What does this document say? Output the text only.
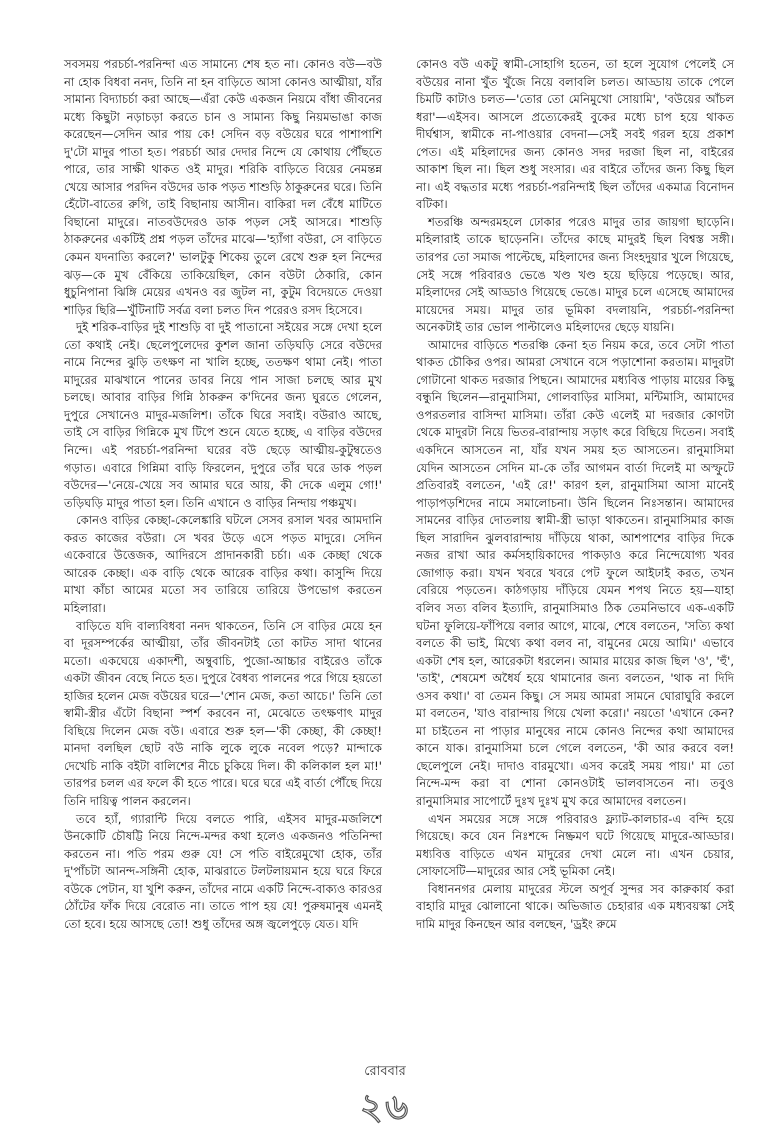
সবসময় পরচর্চা-পরনিন্দা এত সামান্যে শেষ হত না। কোনও বউ—বউ না হোক বিধবা ননদ, তিনি না হন বাড়িতে আসা কোনও আত্মীয়া, যাঁর সামান্য বিদ্যাচর্চা করা আছে—এঁরা কেউ একজন নিয়মে বাঁধা জীবনের মধ্যে কিছুটা নড়াচড়া করতে চান ও সামান্য কিছু নিয়মভাঙা কাজ করেছেন—সেদিন আর পায় কে! সেদিন বড় বউয়ের ঘরে পাশাপাশি দু'টো মাদুর পাতা হত। পরচর্চা আর দেদার নিন্দে যে কোথায় পৌঁছতে পারে, তার সাক্ষী থাকত ওই মাদুর। শরিকি বাড়িতে বিয়ের নেমন্তন্ন খেয়ে আসার পরদিন বউদের ডাক পড়ত শাশুড়ি ঠাকুরুনের ঘরে। তিনি হেঁটো-বাতের রুগি, তাই বিছানায় আসীন। বাকিরা দল বেঁধে মাটিতে বিছানো মাদুরে। নাতবউদেরও ডাক পড়ল সেই আসরে। শাশুড়ি ঠাকরুনের একটিই প্রশ্ন পড়ল তাঁদের মাঝে—'হ্যাঁগা বউরা, সে বাড়িতে কেমন যদনাত্যি করলে?' ভালটুকু শিকেয় তুলে রেখে শুরু হল নিন্দের ঝড়—কে মুখ বেঁকিয়ে তাকিয়েছিল, কোন বউটা ঠেকারি, কোন ধুচুনিপানা ঝিঙ্গি মেয়ের এখনও বর জুটল না, কুটুম বিদেয়তে দেওয়া শাড়ির ছিরি—খুঁটিনাটি সর্বত্র বলা চলত দিন পরেরও রসদ হিসেবে।

দুই শরিক-বাড়ির দুই শাশুড়ি বা দুই পাতানো সইয়ের সঙ্গে দেখা হলে তো কথাই নেই। ছেলেপুলেদের কুশল জানা তড়িঘড়ি সেরে বউদের নামে নিন্দের ঝুড়ি তৎক্ষণ না খালি হচ্ছে, ততক্ষণ থামা নেই। পাতা মাদুরের মাঝখানে পানের ডাবর নিয়ে পান সাজা চলছে আর মুখ চলছে। আবার বাড়ির গিন্নি ঠাকরুন ক'দিনের জন্য ঘুরতে গেলেন, দুপুরে সেখানেও মাদুর-মজলিশ। তাঁকে ঘিরে সবাই। বউরাও আছে, তাই সে বাড়ির গিন্নিকে মুখ টিপে শুনে যেতে হচ্ছে, এ বাড়ির বউদের নিন্দে। এই পরচর্চা-পরনিন্দা ঘরের বউ ছেড়ে আত্মীয়-কুটুম্বতেও গড়াত। এবারে গিন্নিমা বাড়ি ফিরলেন, দুপুরে তাঁর ঘরে ডাক পড়ল বউদের—'নেয়ে-খেয়ে সব আমার ঘরে আয়, কী দেকে এলুম গো!' তড়িঘড়ি মাদুর পাতা হল। তিনি এখানে ও বাড়ির নিন্দায় পঞ্চমুখ।

কোনও বাড়ির কেচ্ছা-কেলেঙ্কারি ঘটলে সেসব রসাল খবর আমদানি করত কাজের বউরা। সে খবর উড়ে এসে পড়ত মাদুরে। সেদিন একেবারে উত্তেজক, আদিরসে প্রাদানকারী চর্চা। এক কেচ্ছা থেকে আরেক কেচ্ছা। এক বাড়ি থেকে আরেক বাড়ির কথা। কাসুন্দি দিয়ে মাখা কাঁচা আমের মতো সব তারিয়ে তারিয়ে উপভোগ করতেন মহিলারা।

বাড়িতে যদি বাল্যবিধবা ননদ থাকতেন, তিনি সে বাড়ির মেয়ে হন বা দূরসম্পর্কের আত্মীয়া, তাঁর জীবনটাই তো কাটত সাদা থানের মতো। একঘেয়ে একাদশী, অম্বুবাচি, পুজো-আচ্চার বাইরেও তাঁকে একটা জীবন বেছে নিতে হত। দুপুরে বৈধব্য পালনের পরে গিয়ে হয়তো হাজির হলেন মেজ বউয়ের ঘরে—'শোন মেজ, কতা আচে।' তিনি তো স্বামী-স্ত্রীর এঁটো বিছানা স্পর্শ করবেন না, মেঝেতে তৎক্ষণাৎ মাদুর বিছিয়ে দিলেন মেজ বউ। এবারে শুরু হল—'কী কেচ্ছা, কী কেচ্ছা! মানদা বলছিল ছোট বউ নাকি লুকে লুকে নবেল পড়ে? মান্দাকে দেখেচি নাকি বইটা বালিশের নীচে চুকিয়ে দিল। কী কলিকাল হল মা!' তারপর চলল এর ফলে কী হতে পারে। ঘরে ঘরে এই বার্তা পৌঁছে দিয়ে তিনি দায়িত্ব পালন করলেন।

তবে হ্যাঁ, গ্যারান্টি দিয়ে বলতে পারি, এইসব মাদুর-মজলিশে উনকোটি চৌষট্টি নিয়ে নিন্দে-মন্দর কথা হলেও একজনও পতিনিন্দা করতেন না। পতি পরম গুরু যে! সে পতি বাইরেমুখো হোক, তাঁর দু'পাঁচটা আনন্দ-সঙ্গিনী হোক, মাঝরাতে টলটলায়মান হয়ে ঘরে ফিরে বউকে পেটান, যা খুশি করুন, তাঁদের নামে একটি নিন্দে-বাক্যও কারওর ঠোঁটের ফাঁক দিয়ে বেরোত না। তাতে পাপ হয় যে! পুরুষমানুষ এমনই তো হবে। হয়ে আসছে তো! শুধু তাঁদের অঙ্গ জ্বলেপুড়ে যেত। যদি

কোনও বউ একটু স্বামী-সোহাগি হতেন, তা হলে সুযোগ পেলেই সে বউয়ের নানা খুঁত খুঁজে নিয়ে বলাবলি চলত। আড্ডায় তাকে পেলে চিমটি কাটাও চলত—'তোর তো মেনিমুখো সোয়ামি', 'বউয়ের আঁচল ধরা'—এইসব। আসলে প্রত্যেকেরই বুকের মধ্যে চাপ হয়ে থাকত দীর্ঘশ্বাস, স্বামীকে না-পাওয়ার বেদনা—সেই সবই গরল হয়ে প্রকাশ পেত। এই মহিলাদের জন্য কোনও সদর দরজা ছিল না, বাইরের আকাশ ছিল না। ছিল শুধু সংসার। এর বাইরে তাঁদের জন্য কিছু ছিল না। এই বদ্ধতার মধ্যে পরচর্চা-পরনিন্দাই ছিল তাঁদের একমাত্র বিনোদন বটিকা।

শতরঞ্চি অন্দরমহলে ঢোকার পরেও মাদুর তার জায়গা ছাড়েনি। মহিলারাই তাকে ছাড়েননি। তাঁদের কাছে মাদুরই ছিল বিশ্বস্ত সঙ্গী। তারপর তো সমাজ পাল্টেছে, মহিলাদের জন্য সিংহদুয়ার খুলে গিয়েছে, সেই সঙ্গে পরিবারও ভেঙে খণ্ড খণ্ড হয়ে ছড়িয়ে পড়েছে। আর, মহিলাদের সেই আড্ডাও গিয়েছে ভেঙে। মাদুর চলে এসেছে আমাদের মায়েদের সময়। মাদুর তার ভূমিকা বদলায়নি, পরচর্চা-পরনিন্দা অনেকটাই তার ভোল পাল্টালেও মহিলাদের ছেড়ে যায়নি।

আমাদের বাড়িতে শতরঞ্চি কেনা হত নিয়ম করে, তবে সেটা পাতা থাকত চৌকির ওপর। আমরা সেখানে বসে পড়াশোনা করতাম। মাদুরটা গোটানো থাকত দরজার পিছনে। আমাদের মধ্যবিত্ত পাড়ায় মায়ের কিছু বন্ধুনি ছিলেন—রানুমাসিমা, গোলবাড়ির মাসিমা, মন্টিমাসি, আমাদের ওপরতলার বাসিন্দা মাসিমা। তাঁরা কেউ এলেই মা দরজার কোণটা থেকে মাদুরটা নিয়ে ভিতর-বারান্দায় সড়াৎ করে বিছিয়ে দিতেন। সবাই একদিনে আসতেন না, যাঁর যখন সময় হত আসতেন। রানুমাসিমা যেদিন আসতেন সেদিন মা-কে তাঁর আগমন বার্তা দিলেই মা অস্ফুটে প্রতিবারই বলতেন, 'এই রে!' কারণ হল, রানুমাসিমা আসা মানেই পাড়াপড়শিদের নামে সমালোচনা। উনি ছিলেন নিঃসন্তান। আমাদের সামনের বাড়ির দোতলায় স্বামী-স্ত্রী ভাড়া থাকতেন। রানুমাসিমার কাজ ছিল সারাদিন ঝুলবারান্দায় দাঁড়িয়ে থাকা, আশপাশের বাড়ির দিকে নজর রাখা আর কর্মসহায়িকাদের পাকড়াও করে নিন্দেযোগ্য খবর জোগাড় করা। যখন খবরে খবরে পেট ফুলে আইঢাই করত, তখন বেরিয়ে পড়তেন। কাঠগড়ায় দাঁড়িয়ে যেমন শপথ নিতে হয়—যাহা বলিব সত্য বলিব ইত্যাদি, রানুমাসিমাও ঠিক তেমনিভাবে এক-একটি ঘটনা ফুলিয়ে-ফাঁপিয়ে বলার আগে, মাঝে, শেষে বলতেন, 'সত্যি কথা বলতে কী ভাই, মিথ্যে কথা বলব না, বামুনের মেয়ে আমি।' এভাবে একটা শেষ হল, আরেকটা ধরলেন। আমার মায়ের কাজ ছিল 'ও', 'হুঁ', 'তাই', শেষমেশ অধৈর্য হয়ে থামানোর জন্য বলতেন, 'থাক না দিদি ওসব কথা।' বা তেমন কিছু। সে সময় আমরা সামনে ঘোরাঘুরি করলে মা বলতেন, 'যাও বারান্দায় গিয়ে খেলা করো।' নয়তো 'এখানে কেন? মা চাইতেন না পাড়ার মানুষের নামে কোনও নিন্দের কথা আমাদের কানে যাক। রানুমাসিমা চলে গেলে বলতেন, 'কী আর করবে বল! ছেলেপুলে নেই। দাদাও বারমুখো। এসব করেই সময় পায়।' মা তো নিন্দে-মন্দ করা বা শোনা কোনওটাই ভালবাসতেন না। তবুও রানুমাসিমার সাপোর্টে দুঃখ দুঃখ মুখ করে আমাদের বলতেন।

এখন সময়ের সঙ্গে সঙ্গে পরিবারও ফ্ল্যাট-কালচার-এ বন্দি হয়ে গিয়েছে। কবে যেন নিঃশব্দে নিষ্ক্রমণ ঘটে গিয়েছে মাদুরে-আড্ডার। মধ্যবিত্ত বাড়িতে এখন মাদুরের দেখা মেলে না। এখন চেয়ার, সোফাসেটি—মাদুরের আর সেই ভূমিকা নেই।

বিধাননগর মেলায় মাদুরের স্টলে অপূর্ব সুন্দর সব কারুকার্য করা বাহারি মাদুর ঝোলানো থাকে। অভিজাত চেহারার এক মধ্যবয়স্কা সেই দামি মাদুর কিনছেন আর বলছেন, 'ড্রইং রুমে

রোববার
২৬
